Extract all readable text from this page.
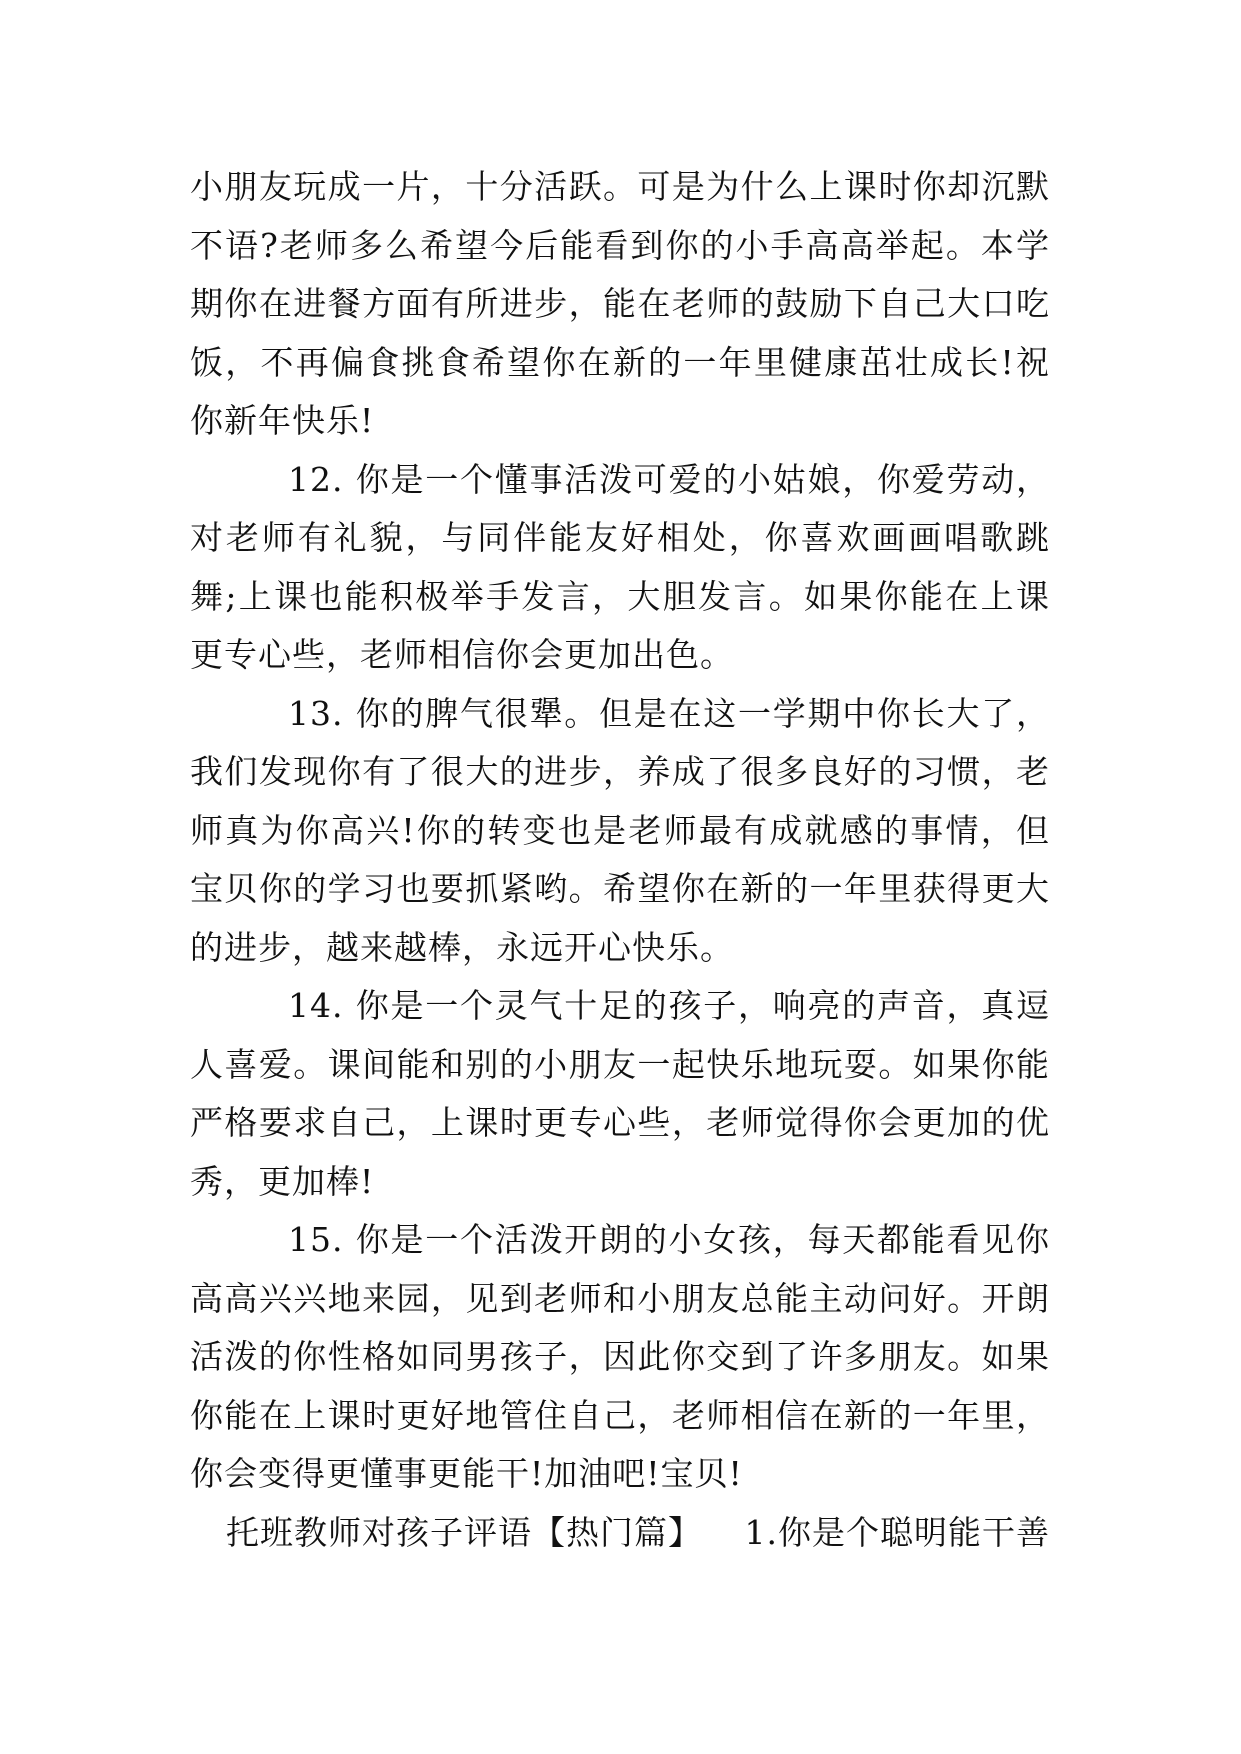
小朋友玩成一片，十分活跃。可是为什么上课时你却沉默不语?老师多么希望今后能看到你的小手高高举起。本学期你在进餐方面有所进步，能在老师的鼓励下自己大口吃饭，不再偏食挑食希望你在新的一年里健康茁壮成长!祝你新年快乐!

12. 你是一个懂事活泼可爱的小姑娘，你爱劳动，对老师有礼貌，与同伴能友好相处，你喜欢画画唱歌跳舞;上课也能积极举手发言，大胆发言。如果你能在上课更专心些，老师相信你会更加出色。

13. 你的脾气很犟。但是在这一学期中你长大了，我们发现你有了很大的进步，养成了很多良好的习惯，老师真为你高兴!你的转变也是老师最有成就感的事情，但宝贝你的学习也要抓紧哟。希望你在新的一年里获得更大的进步，越来越棒，永远开心快乐。

14. 你是一个灵气十足的孩子，响亮的声音，真逗人喜爱。课间能和别的小朋友一起快乐地玩耍。如果你能严格要求自己，上课时更专心些，老师觉得你会更加的优秀，更加棒!

15. 你是一个活泼开朗的小女孩，每天都能看见你高高兴兴地来园，见到老师和小朋友总能主动问好。开朗活泼的你性格如同男孩子，因此你交到了许多朋友。如果你能在上课时更好地管住自己，老师相信在新的一年里，你会变得更懂事更能干!加油吧!宝贝!

托班教师对孩子评语【热门篇】 1.你是个聪明能干善
